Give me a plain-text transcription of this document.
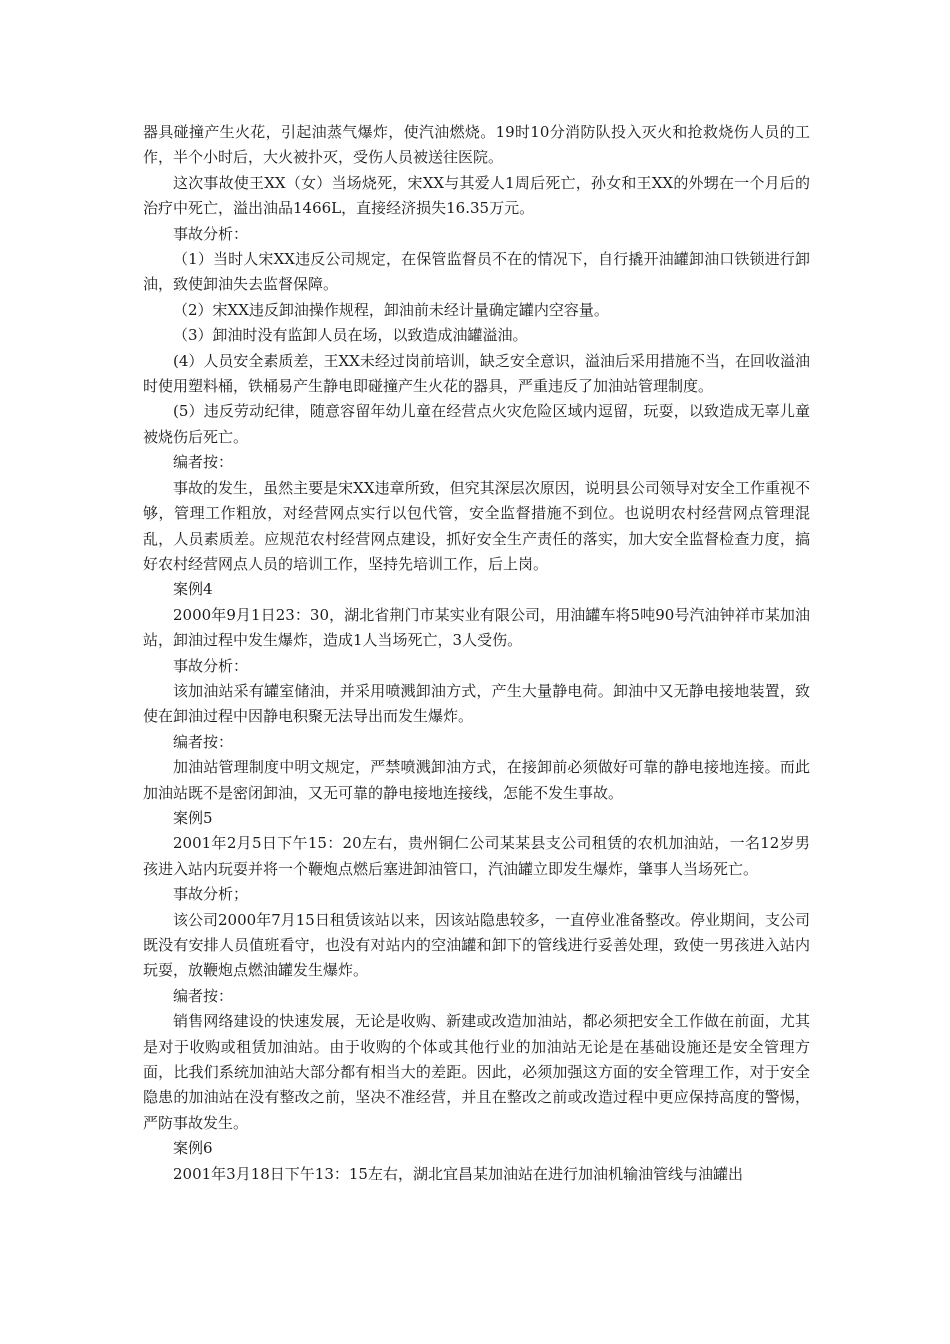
器具碰撞产生火花，引起油蒸气爆炸，使汽油燃烧。19时10分消防队投入灭火和抢救烧伤人员的工作，半个小时后，大火被扑灭，受伤人员被送往医院。

这次事故使王XX（女）当场烧死，宋XX与其爱人1周后死亡，孙女和王XX的外甥在一个月后的治疗中死亡，溢出油品1466L，直接经济损失16.35万元。

事故分析：

（1）当时人宋XX违反公司规定，在保管监督员不在的情况下，自行撬开油罐卸油口铁锁进行卸油，致使卸油失去监督保障。

（2）宋XX违反卸油操作规程，卸油前未经计量确定罐内空容量。

（3）卸油时没有监卸人员在场，以致造成油罐溢油。

(4）人员安全素质差，王XX未经过岗前培训，缺乏安全意识，溢油后采用措施不当，在回收溢油时使用塑料桶，铁桶易产生静电即碰撞产生火花的器具，严重违反了加油站管理制度。

(5）违反劳动纪律，随意容留年幼儿童在经营点火灾危险区域内逗留，玩耍，以致造成无辜儿童被烧伤后死亡。

编者按：

事故的发生，虽然主要是宋XX违章所致，但究其深层次原因，说明县公司领导对安全工作重视不够，管理工作粗放，对经营网点实行以包代管，安全监督措施不到位。也说明农村经营网点管理混乱，人员素质差。应规范农村经营网点建设，抓好安全生产责任的落实，加大安全监督检查力度，搞好农村经营网点人员的培训工作，坚持先培训工作，后上岗。

案例4

2000年9月1日23：30，湖北省荆门市某实业有限公司，用油罐车将5吨90号汽油钟祥市某加油站，卸油过程中发生爆炸，造成1人当场死亡，3人受伤。

事故分析：

该加油站采有罐室储油，并采用喷溅卸油方式，产生大量静电荷。卸油中又无静电接地装置，致使在卸油过程中因静电积聚无法导出而发生爆炸。

编者按：

加油站管理制度中明文规定，严禁喷溅卸油方式，在接卸前必须做好可靠的静电接地连接。而此加油站既不是密闭卸油，又无可靠的静电接地连接线，怎能不发生事故。

案例5

2001年2月5日下午15：20左右，贵州铜仁公司某某县支公司租赁的农机加油站，一名12岁男孩进入站内玩耍并将一个鞭炮点燃后塞进卸油管口，汽油罐立即发生爆炸，肇事人当场死亡。

事故分析；

该公司2000年7月15日租赁该站以来，因该站隐患较多，一直停业准备整改。停业期间，支公司既没有安排人员值班看守，也没有对站内的空油罐和卸下的管线进行妥善处理，致使一男孩进入站内玩耍，放鞭炮点燃油罐发生爆炸。

编者按：

销售网络建设的快速发展，无论是收购、新建或改造加油站，都必须把安全工作做在前面，尤其是对于收购或租赁加油站。由于收购的个体或其他行业的加油站无论是在基础设施还是安全管理方面，比我们系统加油站大部分都有相当大的差距。因此，必须加强这方面的安全管理工作，对于安全隐患的加油站在没有整改之前，坚决不准经营，并且在整改之前或改造过程中更应保持高度的警惕，严防事故发生。

案例6

2001年3月18日下午13：15左右，湖北宜昌某加油站在进行加油机输油管线与油罐出
